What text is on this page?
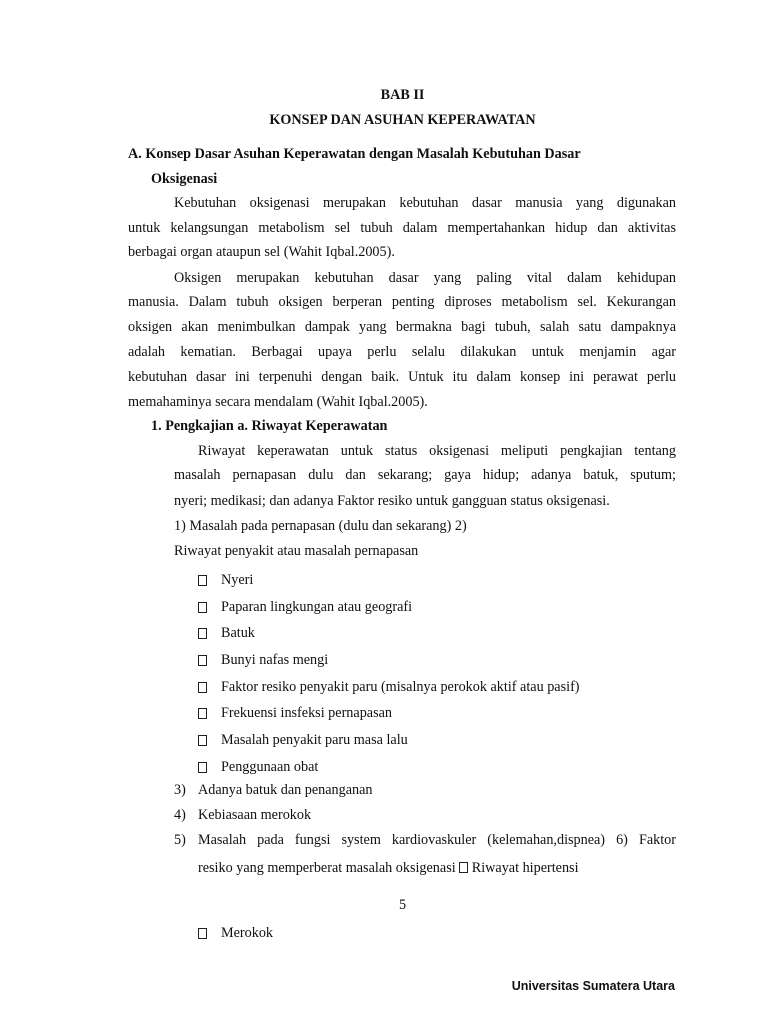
BAB II
KONSEP DAN ASUHAN KEPERAWATAN
A. Konsep Dasar Asuhan Keperawatan dengan Masalah Kebutuhan Dasar
Oksigenasi
Kebutuhan oksigenasi merupakan kebutuhan dasar manusia yang digunakan
untuk kelangsungan metabolism sel tubuh dalam mempertahankan hidup dan aktivitas
berbagai organ ataupun sel (Wahit Iqbal.2005).
Oksigen merupakan kebutuhan dasar yang paling vital dalam kehidupan
manusia. Dalam tubuh oksigen berperan penting diproses metabolism sel. Kekurangan
oksigen akan menimbulkan dampak yang bermakna bagi tubuh, salah satu dampaknya
adalah kematian. Berbagai upaya perlu selalu dilakukan untuk menjamin agar
kebutuhan dasar ini terpenuhi dengan baik. Untuk itu dalam konsep ini perawat perlu
memahaminya secara mendalam (Wahit Iqbal.2005).
1. Pengkajian a. Riwayat Keperawatan
Riwayat keperawatan untuk status oksigenasi meliputi pengkajian tentang
masalah pernapasan dulu dan sekarang; gaya hidup; adanya batuk, sputum;
nyeri; medikasi; dan adanya Faktor resiko untuk gangguan status oksigenasi.
1) Masalah pada pernapasan (dulu dan sekarang) 2)
Riwayat penyakit atau masalah pernapasan
Nyeri
Paparan lingkungan atau geografi
Batuk
Bunyi nafas mengi
Faktor resiko penyakit paru (misalnya perokok aktif atau pasif)
Frekuensi insfeksi pernapasan
Masalah penyakit paru masa lalu
Penggunaan obat
3) Adanya batuk dan penanganan
4) Kebiasaan merokok
5) Masalah pada fungsi system kardiovaskuler (kelemahan,dispnea) 6) Faktor
resiko yang memperberat masalah oksigenasi Riwayat hipertensi
5
Merokok
Universitas Sumatera Utara
